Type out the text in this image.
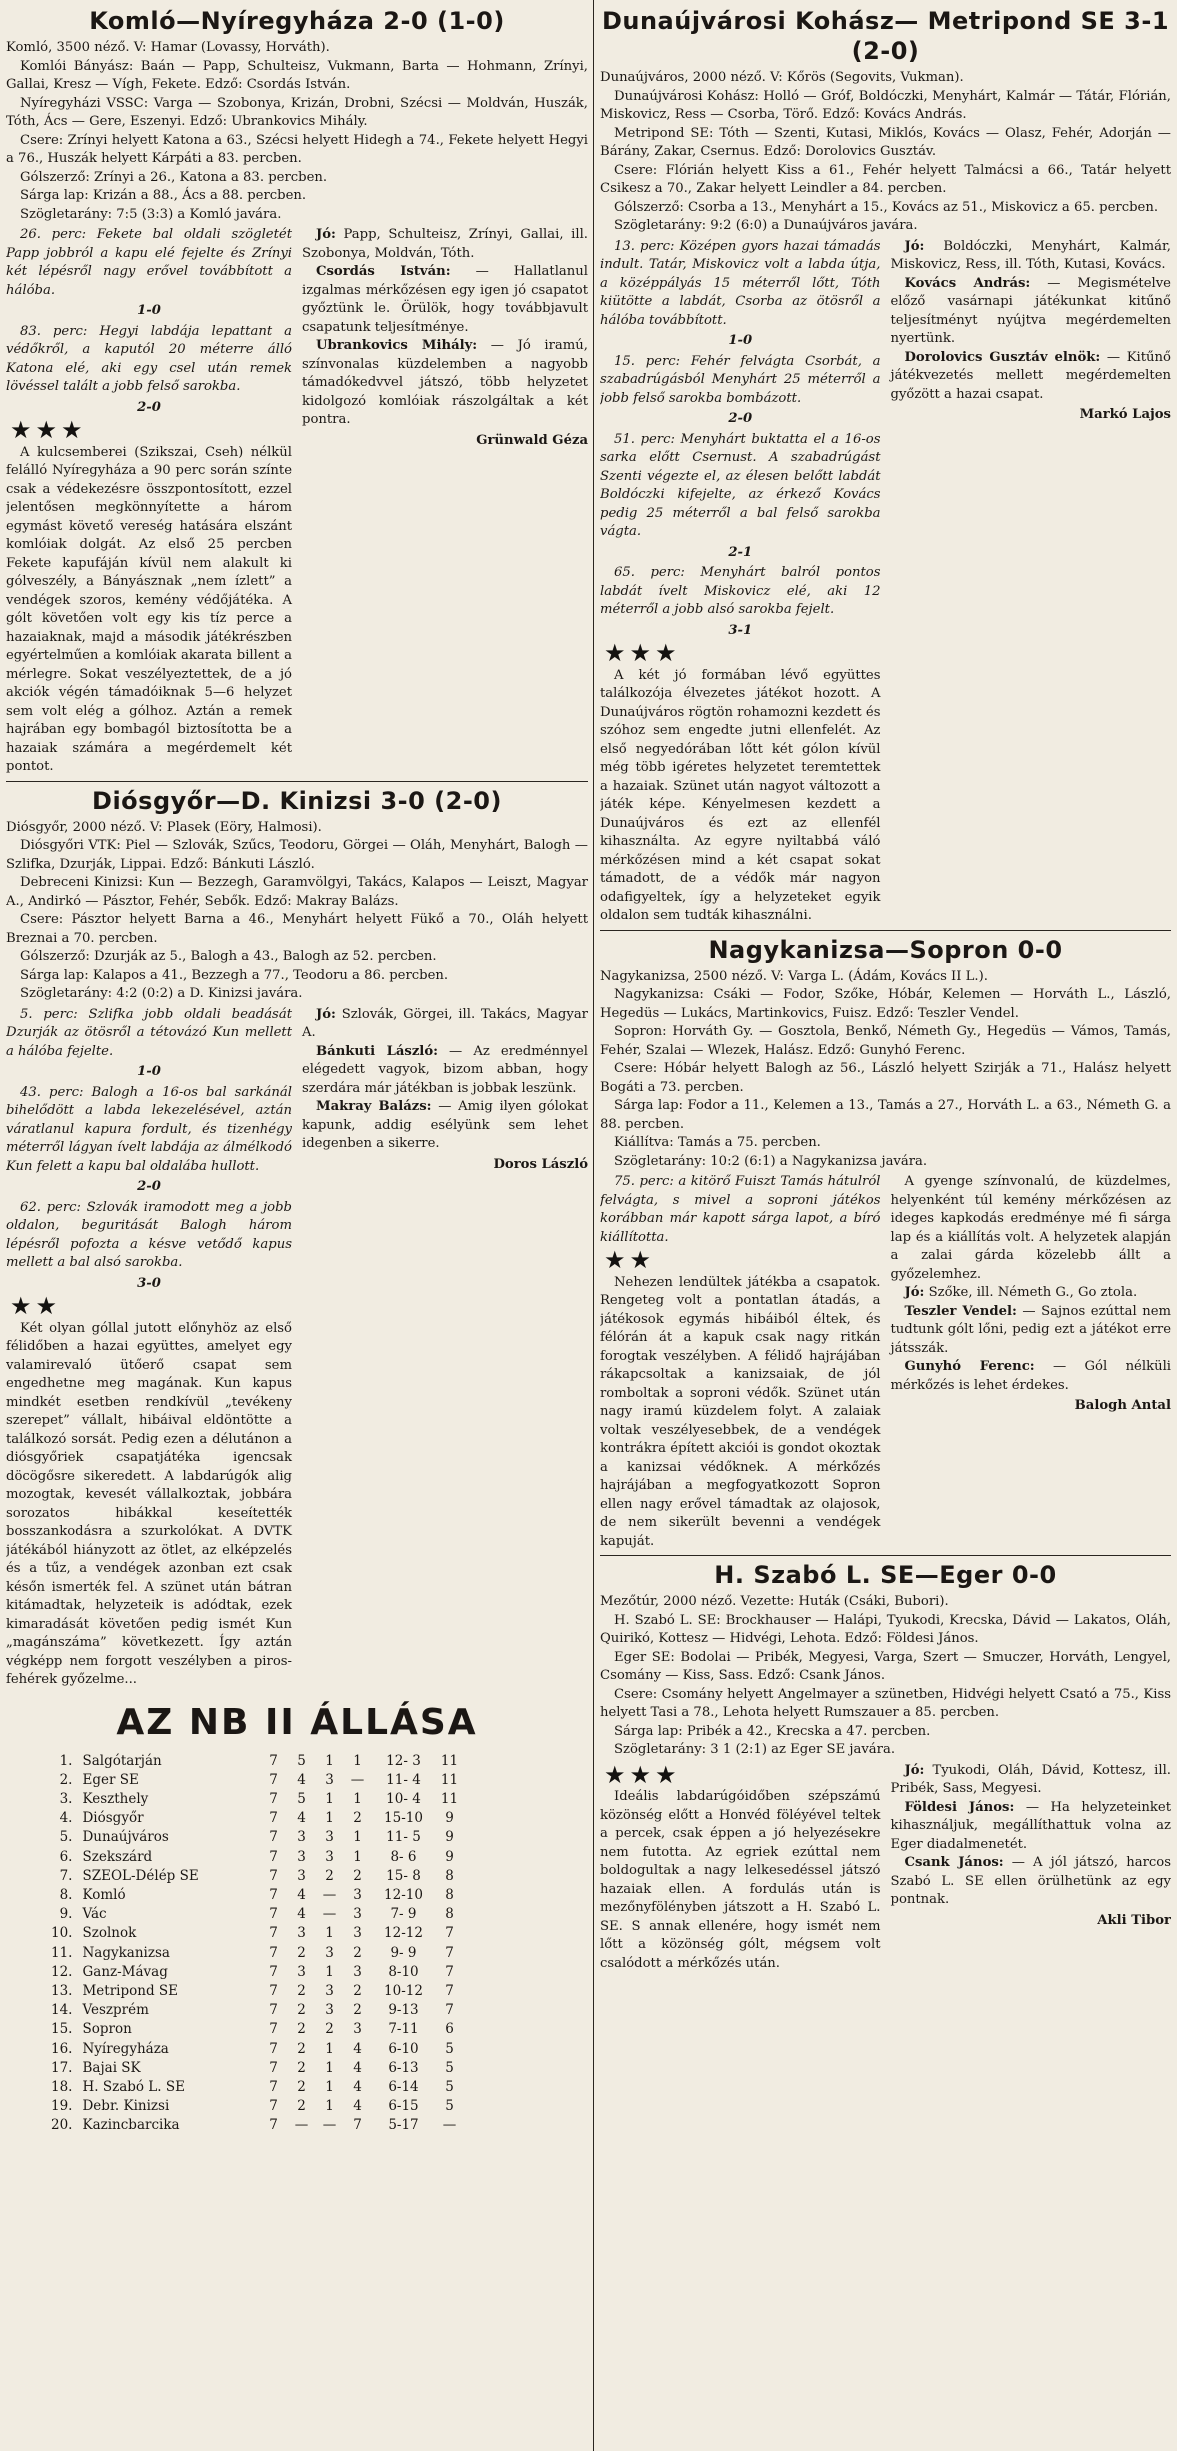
Komló—Nyíregyháza 2-0 (1-0)

Komló, 3500 néző. V: Hamar (Lovassy, Horváth).

Komlói Bányász: Baán — Papp, Schulteisz, Vukmann, Barta — Hohmann, Zrínyi, Gallai, Kresz — Vígh, Fekete. Edző: Csordás István.

Nyíregyházi VSSC: Varga — Szobonya, Krizán, Drobni, Szécsi — Moldván, Huszák, Tóth, Ács — Gere, Eszenyi. Edző: Ubrankovics Mihály.

Csere: Zrínyi helyett Katona a 63., Szécsi helyett Hidegh a 74., Fekete helyett Hegyi a 76., Huszák helyett Kárpáti a 83. percben.

Gólszerző: Zrínyi a 26., Katona a 83. percben.

Sárga lap: Krizán a 88., Ács a 88. percben.

Szögletarány: 7:5 (3:3) a Komló javára.

26. perc: Fekete bal oldali szögletét Papp jobbról a kapu elé fejelte és Zrínyi két lépésről nagy erővel továbbított a hálóba.

1-0

83. perc: Hegyi labdája lepattant a védőkről, a kaputól 20 méterre álló Katona elé, aki egy csel után remek lövéssel talált a jobb felső sarokba.

2-0

★★★

A kulcsemberei (Szikszai, Cseh) nélkül felálló Nyíregyháza a 90 perc során színte csak a védekezésre összpontosított, ezzel jelentősen megkönnyítette a három egymást követő vereség hatására elszánt komlóiak dolgát. Az első 25 percben Fekete kapufáján kívül nem alakult ki gólveszély, a Bányásznak „nem ízlett” a vendégek szoros, kemény védőjátéka. A gólt követően volt egy kis tíz perce a hazaiaknak, majd a második játékrészben egyértelműen a komlóiak akarata billent a mérlegre. Sokat veszélyeztettek, de a jó akciók végén támadóiknak 5—6 helyzet sem volt elég a gólhoz. Aztán a remek hajrában egy bombagól biztosította be a hazaiak számára a megérdemelt két pontot.

Jó: Papp, Schulteisz, Zrínyi, Gallai, ill. Szobonya, Moldván, Tóth.

Csordás István: — Hallatlanul izgalmas mérkőzésen egy igen jó csapatot győztünk le. Örülök, hogy továbbjavult csapatunk teljesítménye.

Ubrankovics Mihály: — Jó iramú, színvonalas küzdelemben a nagyobb támadókedvvel játszó, több helyzetet kidolgozó komlóiak rászolgáltak a két pontra.

Grünwald Géza

Diósgyőr—D. Kinizsi 3-0 (2-0)

Diósgyőr, 2000 néző. V: Plasek (Eöry, Halmosi).

Diósgyőri VTK: Piel — Szlovák, Szűcs, Teodoru, Görgei — Oláh, Menyhárt, Balogh — Szlifka, Dzurják, Lippai. Edző: Bánkuti László.

Debreceni Kinizsi: Kun — Bezzegh, Garamvölgyi, Takács, Kalapos — Leiszt, Magyar A., Andirkó — Pásztor, Fehér, Sebők. Edző: Makray Balázs.

Csere: Pásztor helyett Barna a 46., Menyhárt helyett Fükő a 70., Oláh helyett Breznai a 70. percben.

Gólszerző: Dzurják az 5., Balogh a 43., Balogh az 52. percben.

Sárga lap: Kalapos a 41., Bezzegh a 77., Teodoru a 86. percben.

Szögletarány: 4:2 (0:2) a D. Kinizsi javára.

5. perc: Szlifka jobb oldali beadását Dzurják az ötösről a tétovázó Kun mellett a hálóba fejelte.

1-0

43. perc: Balogh a 16-os bal sarkánál bihelődött a labda lekezelésével, aztán váratlanul kapura fordult, és tizenhégy méterről lágyan ívelt labdája az álmélkodó Kun felett a kapu bal oldalába hullott.

2-0

62. perc: Szlovák iramodott meg a jobb oldalon, beguritását Balogh három lépésről pofozta a késve vetődő kapus mellett a bal alsó sarokba.

3-0

★★

Két olyan góllal jutott előnyhöz az első félidőben a hazai együttes, amelyet egy valamirevaló ütőerő csapat sem engedhetne meg magának. Kun kapus mindkét esetben rendkívül „tevékeny szerepet” vállalt, hibáival eldöntötte a találkozó sorsát. Pedig ezen a délutánon a diósgyőriek csapatjátéka igencsak döcögősre sikeredett. A labdarúgók alig mozogtak, kevesét vállalkoztak, jobbára sorozatos hibákkal keseítették bosszankodásra a szurkolókat. A DVTK játékából hiányzott az ötlet, az elképzelés és a tűz, a vendégek azonban ezt csak későn ismerték fel. A szünet után bátran kitámadtak, helyzeteik is adódtak, ezek kimaradását követően pedig ismét Kun „magánszáma” következett. Így aztán végképp nem forgott veszélyben a piros-fehérek győzelme...

Jó: Szlovák, Görgei, ill. Takács, Magyar A.

Bánkuti László: — Az eredménnyel elégedett vagyok, bizom abban, hogy szerdára már játékban is jobbak leszünk.

Makray Balázs: — Amig ilyen gólokat kapunk, addig esélyünk sem lehet idegenben a sikerre.

Doros László

AZ NB II ÁLLÁSA
1.	Salgótarján	7	5	1	1	12- 3	11
2.	Eger SE	7	4	3	—	11- 4	11
3.	Keszthely	7	5	1	1	10- 4	11
4.	Diósgyőr	7	4	1	2	15-10	9
5.	Dunaújváros	7	3	3	1	11- 5	9
6.	Szekszárd	7	3	3	1	8- 6	9
7.	SZEOL-Délép SE	7	3	2	2	15- 8	8
8.	Komló	7	4	—	3	12-10	8
9.	Vác	7	4	—	3	7- 9	8
10.	Szolnok	7	3	1	3	12-12	7
11.	Nagykanizsa	7	2	3	2	9- 9	7
12.	Ganz-Mávag	7	3	1	3	8-10	7
13.	Metripond SE	7	2	3	2	10-12	7
14.	Veszprém	7	2	3	2	9-13	7
15.	Sopron	7	2	2	3	7-11	6
16.	Nyíregyháza	7	2	1	4	6-10	5
17.	Bajai SK	7	2	1	4	6-13	5
18.	H. Szabó L. SE	7	2	1	4	6-14	5
19.	Debr. Kinizsi	7	2	1	4	6-15	5
20.	Kazincbarcika	7	—	—	7	5-17	—
Dunaújvárosi Kohász— Metripond SE 3-1 (2-0)

Dunaújváros, 2000 néző. V: Kőrös (Segovits, Vukman).

Dunaújvárosi Kohász: Holló — Gróf, Boldóczki, Menyhárt, Kalmár — Tátár, Flórián, Miskovicz, Ress — Csorba, Törő. Edző: Kovács András.

Metripond SE: Tóth — Szenti, Kutasi, Miklós, Kovács — Olasz, Fehér, Adorján — Bárány, Zakar, Csernus. Edző: Dorolovics Gusztáv.

Csere: Flórián helyett Kiss a 61., Fehér helyett Talmácsi a 66., Tatár helyett Csikesz a 70., Zakar helyett Leindler a 84. percben.

Gólszerző: Csorba a 13., Menyhárt a 15., Kovács az 51., Miskovicz a 65. percben.

Szögletarány: 9:2 (6:0) a Dunaújváros javára.

13. perc: Középen gyors hazai támadás indult. Tatár, Miskovicz volt a labda útja, a középpályás 15 méterről lőtt, Tóth kiütötte a labdát, Csorba az ötösről a hálóba továbbított.

1-0

15. perc: Fehér felvágta Csorbát, a szabadrúgásból Menyhárt 25 méterről a jobb felső sarokba bombázott.

2-0

51. perc: Menyhárt buktatta el a 16-os sarka előtt Csernust. A szabadrúgást Szenti végezte el, az élesen belőtt labdát Boldóczki kifejelte, az érkező Kovács pedig 25 méterről a bal felső sarokba vágta.

2-1

65. perc: Menyhárt balról pontos labdát ívelt Miskovicz elé, aki 12 méterről a jobb alsó sarokba fejelt.

3-1

★★★

A két jó formában lévő együttes találkozója élvezetes játékot hozott. A Dunaújváros rögtön rohamozni kezdett és szóhoz sem engedte jutni ellenfelét. Az első negyedórában lőtt két gólon kívül még több igéretes helyzetet teremtettek a hazaiak. Szünet után nagyot változott a játék képe. Kényelmesen kezdett a Dunaújváros és ezt az ellenfél kihasználta. Az egyre nyiltabbá váló mérkőzésen mind a két csapat sokat támadott, de a védők már nagyon odafigyeltek, így a helyzeteket egyik oldalon sem tudták kihasználni.

Jó: Boldóczki, Menyhárt, Kalmár, Miskovicz, Ress, ill. Tóth, Kutasi, Kovács.

Kovács András: — Megismételve előző vasárnapi játékunkat kitűnő teljesítményt nyújtva megérdemelten nyertünk.

Dorolovics Gusztáv elnök: — Kitűnő játékvezetés mellett megérdemelten győzött a hazai csapat.

Markó Lajos

Nagykanizsa—Sopron 0-0

Nagykanizsa, 2500 néző. V: Varga L. (Ádám, Kovács II L.).

Nagykanizsa: Csáki — Fodor, Szőke, Hóbár, Kelemen — Horváth L., László, Hegedüs — Lukács, Martinkovics, Fuisz. Edző: Teszler Vendel.

Sopron: Horváth Gy. — Gosztola, Benkő, Németh Gy., Hegedüs — Vámos, Tamás, Fehér, Szalai — Wlezek, Halász. Edző: Gunyhó Ferenc.

Csere: Hóbár helyett Balogh az 56., László helyett Szirják a 71., Halász helyett Bogáti a 73. percben.

Sárga lap: Fodor a 11., Kelemen a 13., Tamás a 27., Horváth L. a 63., Németh G. a 88. percben.

Kiállítva: Tamás a 75. percben.

Szögletarány: 10:2 (6:1) a Nagykanizsa javára.

75. perc: a kitörő Fuiszt Tamás hátulról felvágta, s mivel a soproni játékos korábban már kapott sárga lapot, a bíró kiállította.

★★

Nehezen lendültek játékba a csapatok. Rengeteg volt a pontatlan átadás, a játékosok egymás hibáiból éltek, és félórán át a kapuk csak nagy ritkán forogtak veszélyben. A félidő hajrájában rákapcsoltak a kanizsaiak, de jól romboltak a soproni védők. Szünet után nagy iramú küzdelem folyt. A zalaiak voltak veszélyesebbek, de a vendégek kontrákra épített akciói is gondot okoztak a kanizsai védőknek. A mérkőzés hajrájában a megfogyatkozott Sopron ellen nagy erővel támadtak az olajosok, de nem sikerült bevenni a vendégek kapuját.

A gyenge színvonalú, de küzdelmes, helyenként túl kemény mérkőzésen az ideges kapkodás eredménye mé fi sárga lap és a kiállítás volt. A helyzetek alapján a zalai gárda közelebb állt a győzelemhez.

Jó: Szőke, ill. Németh G., Go ztola.

Teszler Vendel: — Sajnos ezúttal nem tudtunk gólt lőni, pedig ezt a játékot erre játsszák.

Gunyhó Ferenc: — Gól nélküli mérkőzés is lehet érdekes.

Balogh Antal

H. Szabó L. SE—Eger 0-0

Mezőtúr, 2000 néző. Vezette: Huták (Csáki, Bubori).

H. Szabó L. SE: Brockhauser — Halápi, Tyukodi, Krecska, Dávid — Lakatos, Oláh, Quirikó, Kottesz — Hidvégi, Lehota. Edző: Földesi János.

Eger SE: Bodolai — Pribék, Megyesi, Varga, Szert — Smuczer, Horváth, Lengyel, Csomány — Kiss, Sass. Edző: Csank János.

Csere: Csomány helyett Angelmayer a szünetben, Hidvégi helyett Csató a 75., Kiss helyett Tasi a 78., Lehota helyett Rumszauer a 85. percben.

Sárga lap: Pribék a 42., Krecska a 47. percben.

Szögletarány: 3 1 (2:1) az Eger SE javára.

★★★

Ideális labdarúgóidőben szépszámú közönség előtt a Honvéd föléyével teltek a percek, csak éppen a jó helyezésekre nem futotta. Az egriek ezúttal nem boldogultak a nagy lelkesedéssel játszó hazaiak ellen. A fordulás után is mezőnyfölényben játszott a H. Szabó L. SE. S annak ellenére, hogy ismét nem lőtt a közönség gólt, mégsem volt csalódott a mérkőzés után.

Jó: Tyukodi, Oláh, Dávid, Kottesz, ill. Pribék, Sass, Megyesi.

Földesi János: — Ha helyzeteinket kihasználjuk, megállíthattuk volna az Eger diadalmenetét.

Csank János: — A jól játszó, harcos Szabó L. SE ellen örülhetünk az egy pontnak.

Akli Tibor
